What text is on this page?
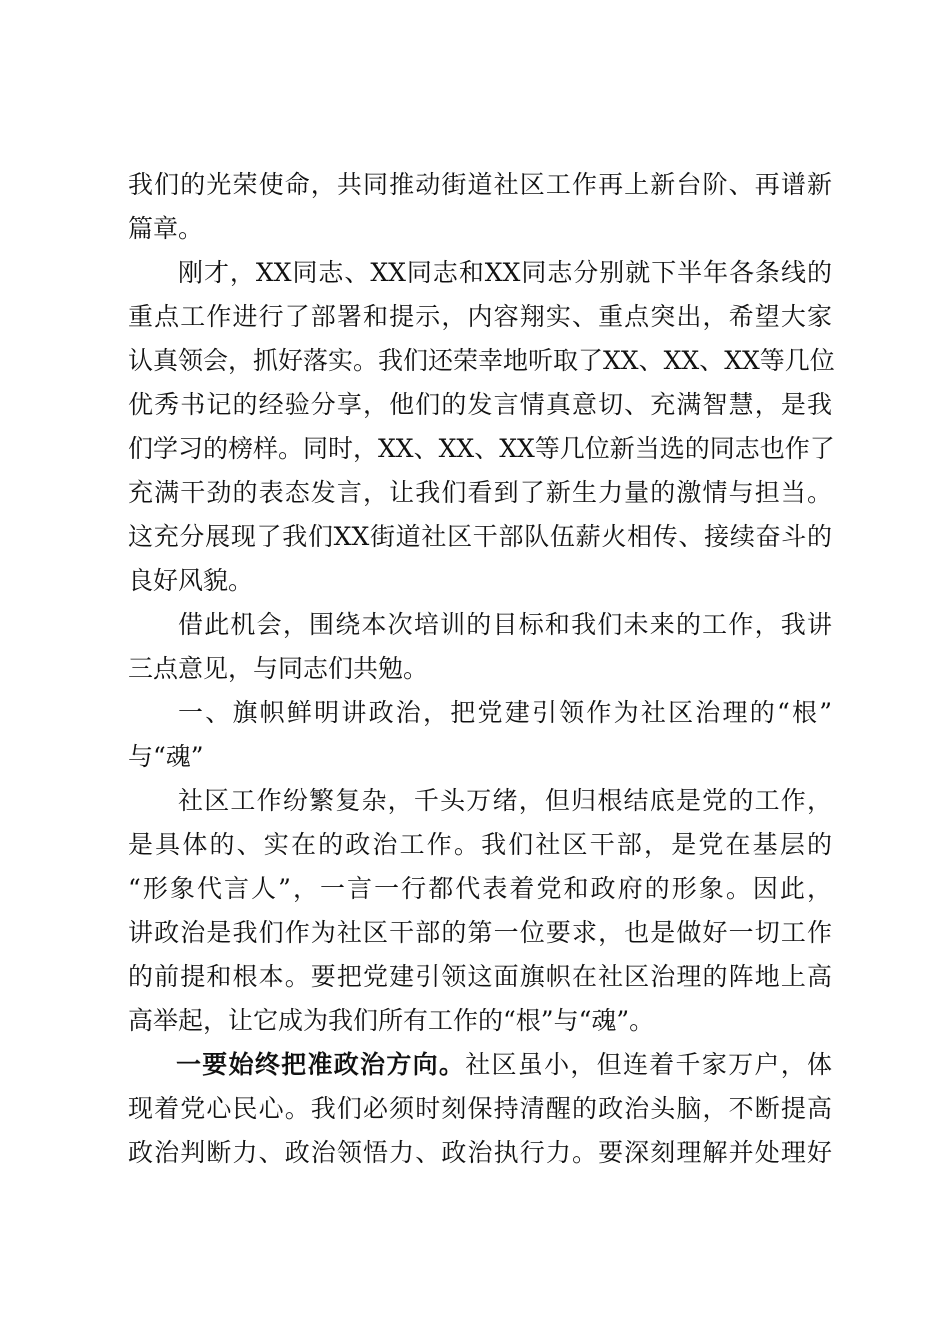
我们的光荣使命，共同推动街道社区工作再上新台阶、再谱新
篇章。
刚才，XX同志、XX同志和XX同志分别就下半年各条线的
重点工作进行了部署和提示，内容翔实、重点突出，希望大家
认真领会，抓好落实。我们还荣幸地听取了XX、XX、XX等几位
优秀书记的经验分享，他们的发言情真意切、充满智慧，是我
们学习的榜样。同时，XX、XX、XX等几位新当选的同志也作了
充满干劲的表态发言，让我们看到了新生力量的激情与担当。
这充分展现了我们XX街道社区干部队伍薪火相传、接续奋斗的
良好风貌。
借此机会，围绕本次培训的目标和我们未来的工作，我讲
三点意见，与同志们共勉。
一、旗帜鲜明讲政治，把党建引领作为社区治理的“根”
与“魂”
社区工作纷繁复杂，千头万绪，但归根结底是党的工作，
是具体的、实在的政治工作。我们社区干部，是党在基层的
“形象代言人”，一言一行都代表着党和政府的形象。因此，
讲政治是我们作为社区干部的第一位要求，也是做好一切工作
的前提和根本。要把党建引领这面旗帜在社区治理的阵地上高
高举起，让它成为我们所有工作的“根”与“魂”。
一要始终把准政治方向。社区虽小，但连着千家万户，体
现着党心民心。我们必须时刻保持清醒的政治头脑，不断提高
政治判断力、政治领悟力、政治执行力。要深刻理解并处理好
